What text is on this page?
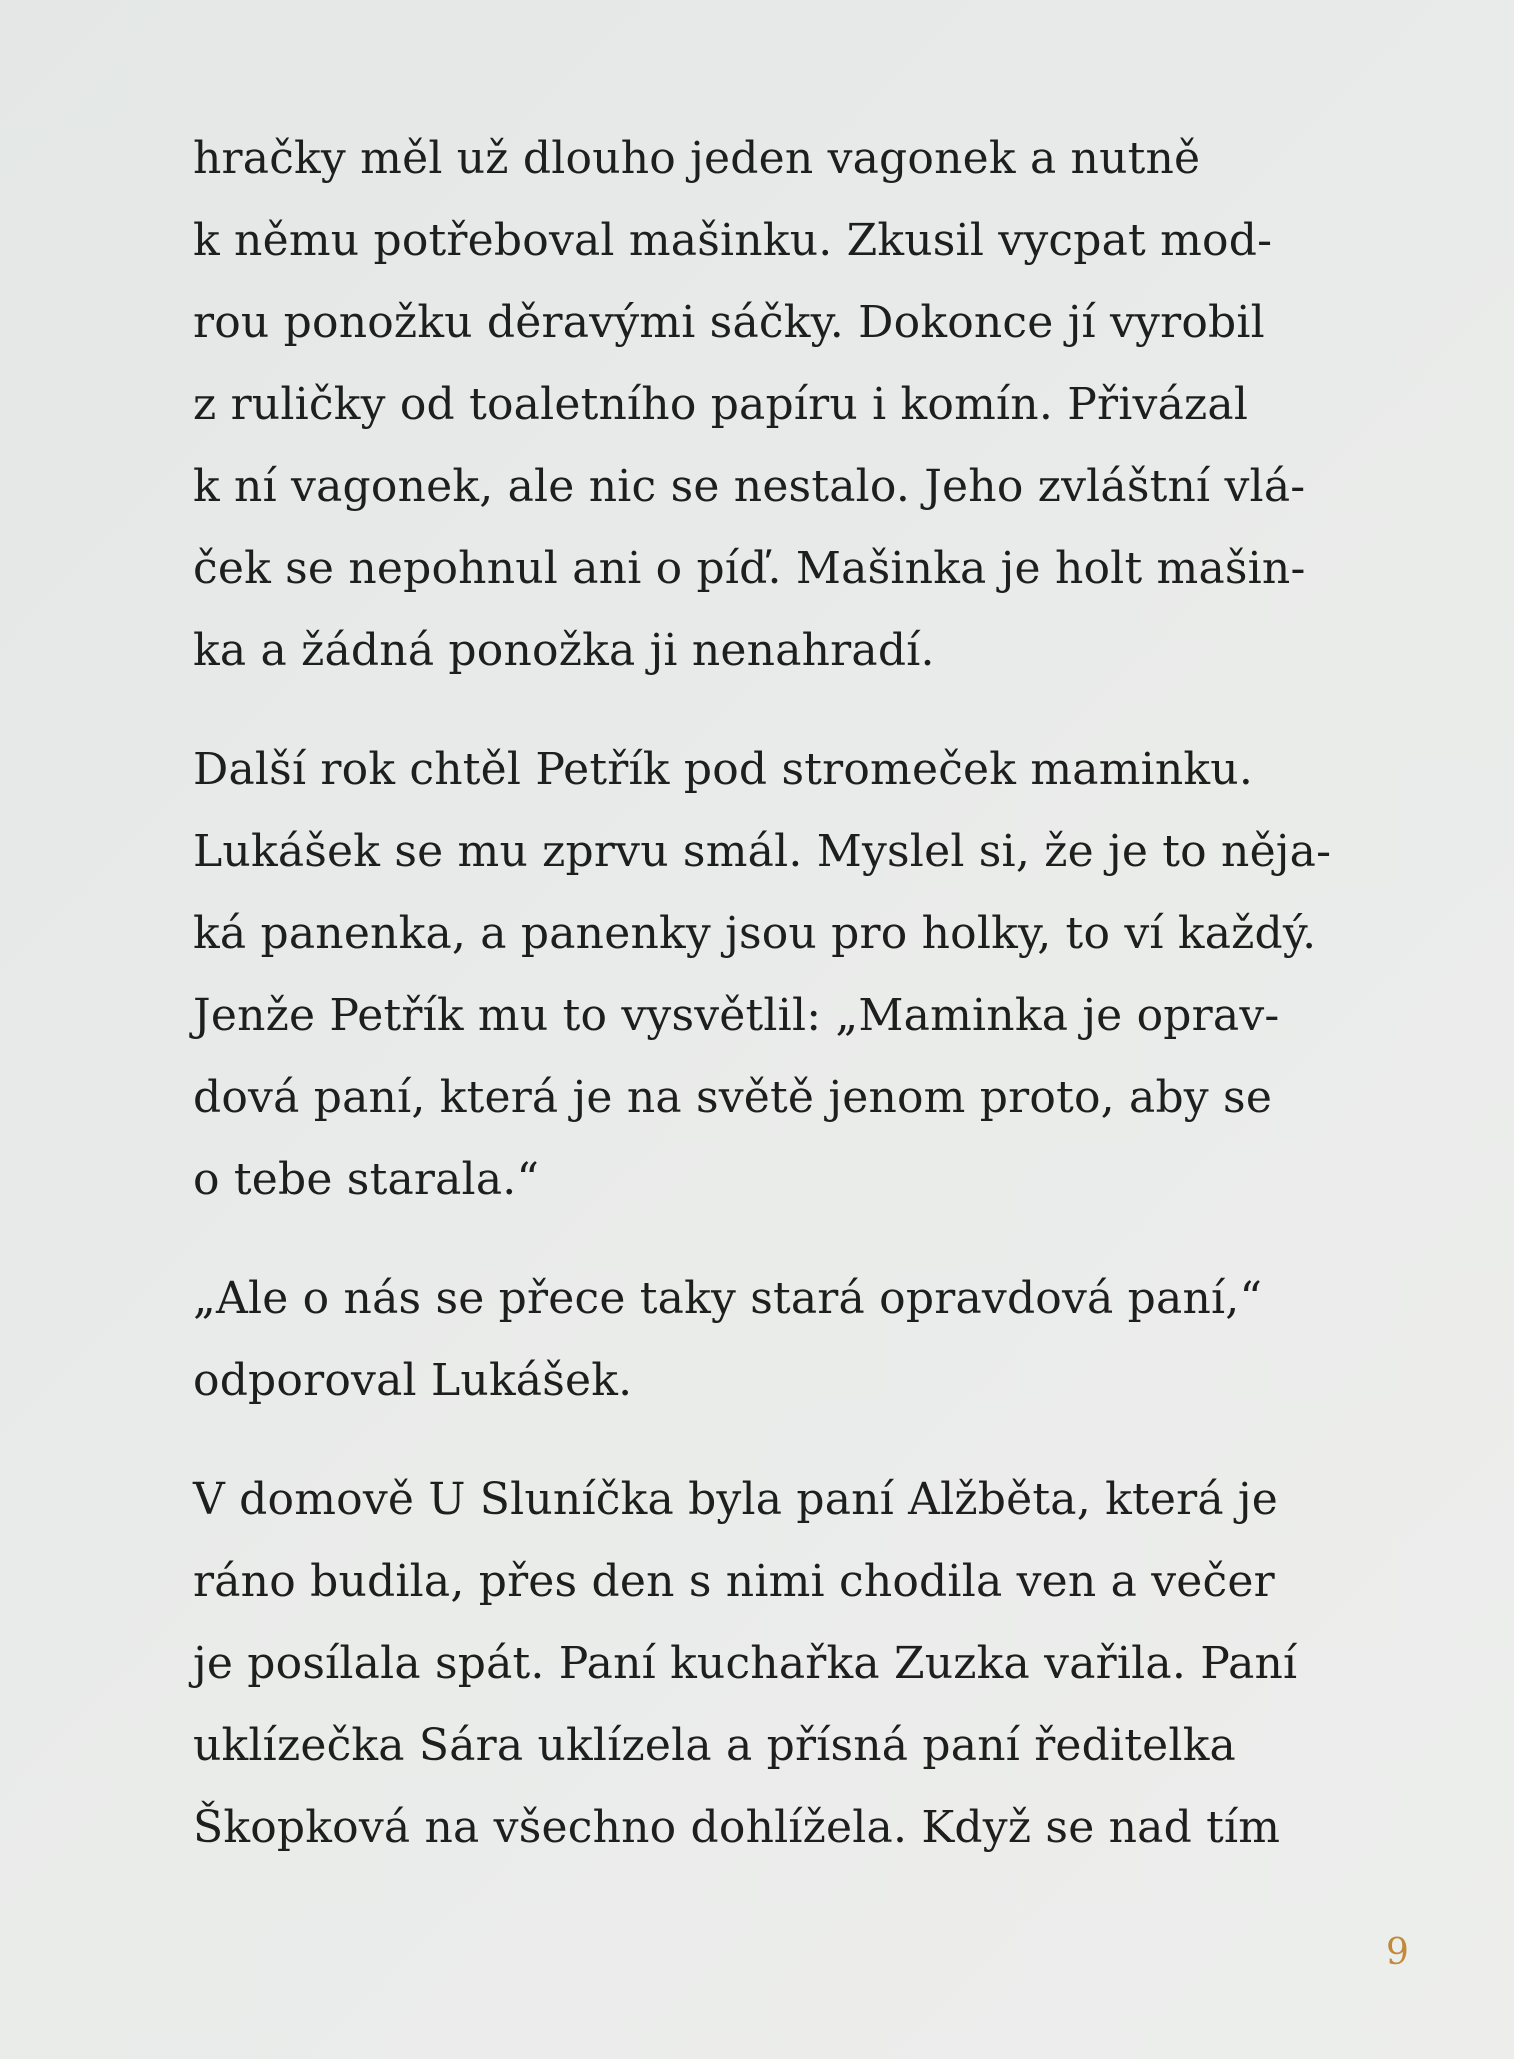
hračky měl už dlouho jeden vagonek a nutně
k němu potřeboval mašinku. Zkusil vycpat mod-
rou ponožku děravými sáčky. Dokonce jí vyrobil
z ruličky od toaletního papíru i komín. Přivázal
k ní vagonek, ale nic se nestalo. Jeho zvláštní vlá-
ček se nepohnul ani o píď. Mašinka je holt mašin-
ka a žádná ponožka ji nenahradí.

Další rok chtěl Petřík pod stromeček maminku.
Lukášek se mu zprvu smál. Myslel si, že je to něja-
ká panenka, a panenky jsou pro holky, to ví každý.
Jenže Petřík mu to vysvětlil: „Maminka je oprav-
dová paní, která je na světě jenom proto, aby se
o tebe starala.“

„Ale o nás se přece taky stará opravdová paní,“
odporoval Lukášek.

V domově U Sluníčka byla paní Alžběta, která je
ráno budila, přes den s nimi chodila ven a večer
je posílala spát. Paní kuchařka Zuzka vařila. Paní
uklízečka Sára uklízela a přísná paní ředitelka
Škopková na všechno dohlížela. Když se nad tím

9
